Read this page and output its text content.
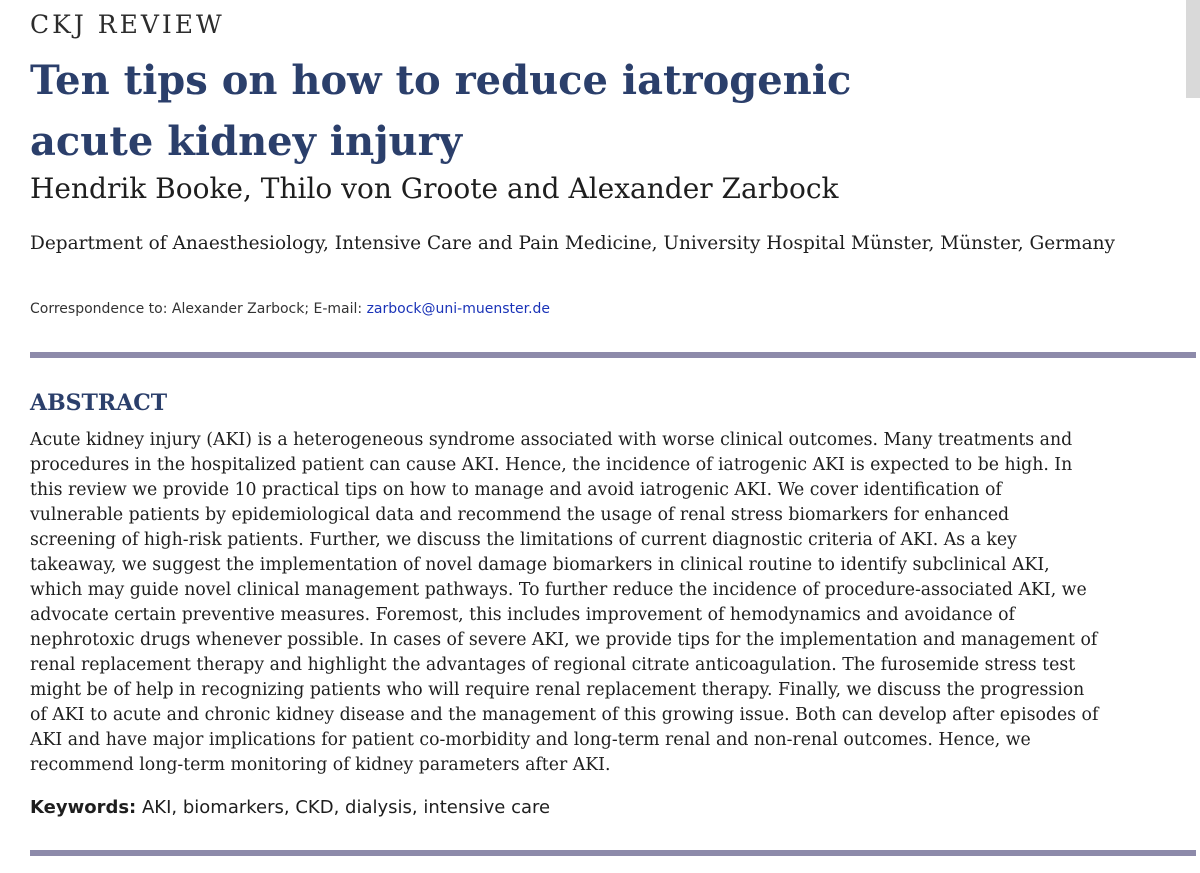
CKJ REVIEW
Ten tips on how to reduce iatrogenic acute kidney injury
Hendrik Booke, Thilo von Groote and Alexander Zarbock
Department of Anaesthesiology, Intensive Care and Pain Medicine, University Hospital Münster, Münster, Germany
Correspondence to: Alexander Zarbock; E-mail: zarbock@uni-muenster.de
ABSTRACT

Acute kidney injury (AKI) is a heterogeneous syndrome associated with worse clinical outcomes. Many treatments and procedures in the hospitalized patient can cause AKI. Hence, the incidence of iatrogenic AKI is expected to be high. In this review we provide 10 practical tips on how to manage and avoid iatrogenic AKI. We cover identification of vulnerable patients by epidemiological data and recommend the usage of renal stress biomarkers for enhanced screening of high-risk patients. Further, we discuss the limitations of current diagnostic criteria of AKI. As a key takeaway, we suggest the implementation of novel damage biomarkers in clinical routine to identify subclinical AKI, which may guide novel clinical management pathways. To further reduce the incidence of procedure-associated AKI, we advocate certain preventive measures. Foremost, this includes improvement of hemodynamics and avoidance of nephrotoxic drugs whenever possible. In cases of severe AKI, we provide tips for the implementation and management of renal replacement therapy and highlight the advantages of regional citrate anticoagulation. The furosemide stress test might be of help in recognizing patients who will require renal replacement therapy. Finally, we discuss the progression of AKI to acute and chronic kidney disease and the management of this growing issue. Both can develop after episodes of AKI and have major implications for patient co-morbidity and long-term renal and non-renal outcomes. Hence, we recommend long-term monitoring of kidney parameters after AKI.

Keywords: AKI, biomarkers, CKD, dialysis, intensive care
